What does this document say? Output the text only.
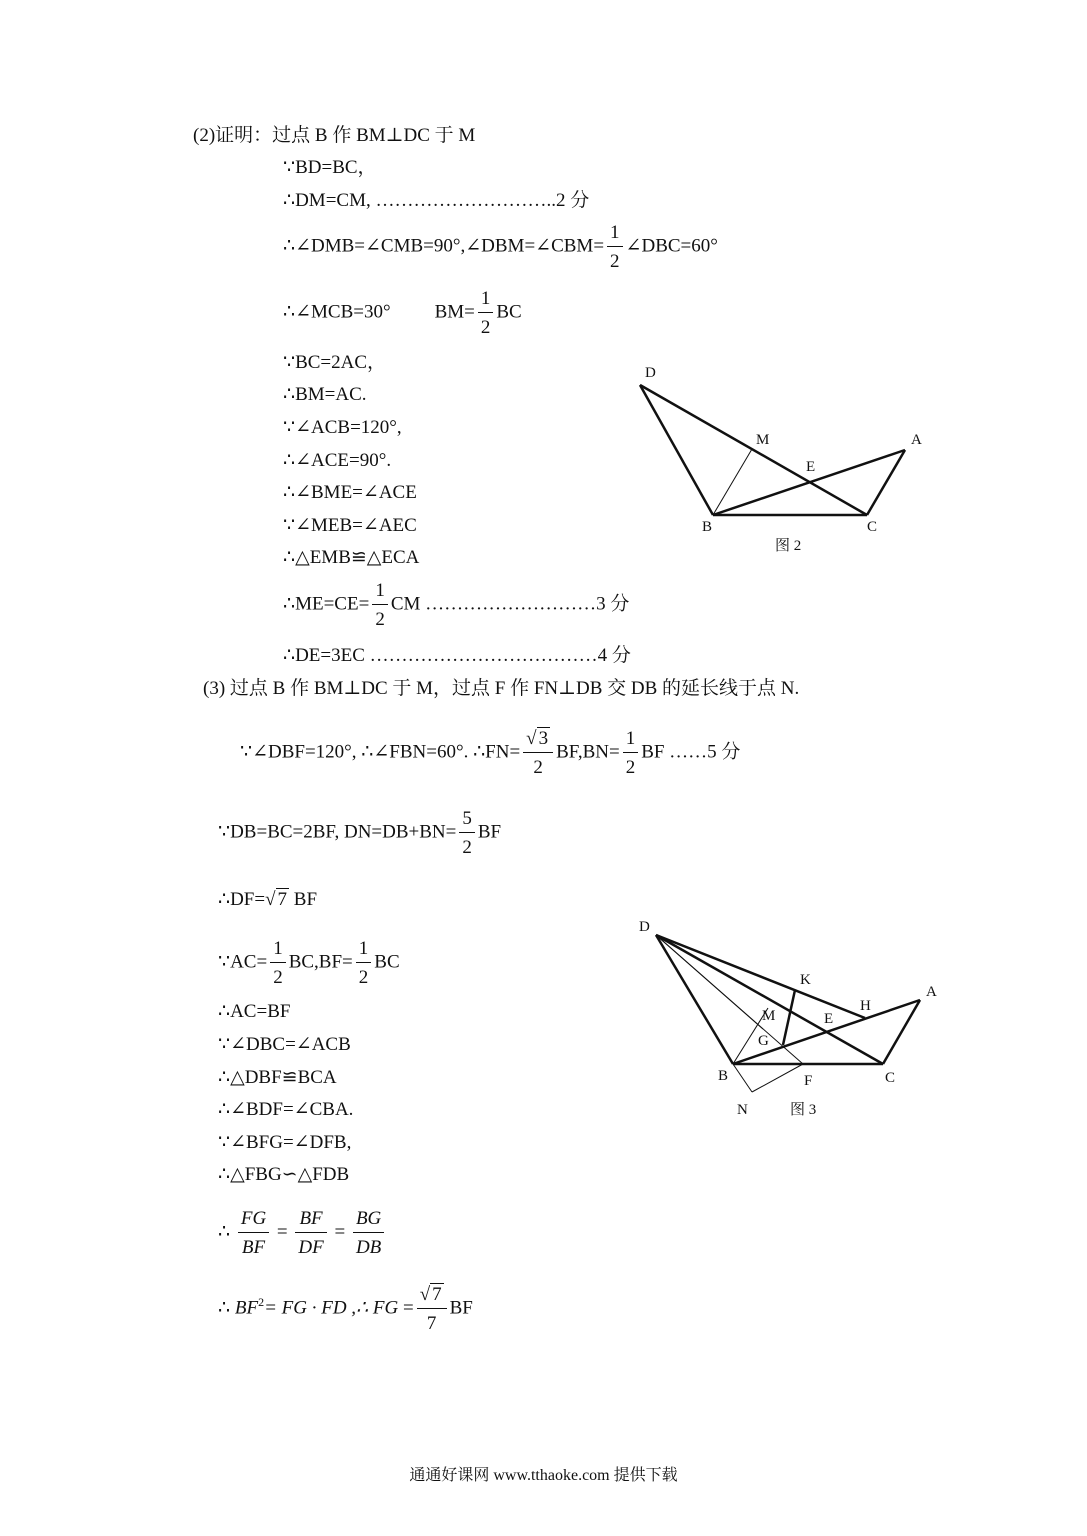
(2)证明：过点 B 作 BM⊥DC 于 M
∵BD=BC，
∴DM=CM, ………………………..2 分
∴∠DMB=∠CMB=90°,∠DBM=∠CBM= $\frac{1}{2}$ ∠DBC=60°
∴∠MCB=30° $BM= \frac{1}{2}$ BC
∵BC=2AC，
∴BM=AC.
∵∠ACB=120°,
∴∠ACE=90°.
∴∠BME=∠ACE
∵∠MEB=∠AEC
∴△EMB≌△ECA
∴ME=CE= $\frac{1}{2}$ CM ………………………3 分
∴DE=3EC ………………………………4 分
(3) 过点 B 作 BM⊥DC 于 M，过点 F 作 FN⊥DB 交 DB 的延长线于点 N.
∵∠DBF=120°, ∴∠FBN=60°. ∴FN= $\frac{√ 3}{2} BF,BN= \frac{1}{2}$ BF ……5 分
∵DB=BC=2BF, $DN=DB+BN= \frac{5}{2}$ BF
∴DF=√ 7 BF
∵AC= $\frac{1}{2} BC,BF= \frac{1}{2}$ BC
∴AC=BF
∵∠DBC=∠ACB
∴△DBF≌BCA
∴∠BDF=∠CBA.
∵∠BFG=∠DFB,
∴△FBG∽△FDB
∴ $\frac{FG}{BF} = \frac{BF}{DF} = \frac{BG}{DB}$
∴ $BF^2=$ FG · FD ,∴ FG = $\frac{√ 7}{7}$ BF
D
M	A
E
B	C
图 2
D
K
H
A
M	E
G
B	F	C
N	图 3
通通好课网 www.tthaoke.com 提供下载
